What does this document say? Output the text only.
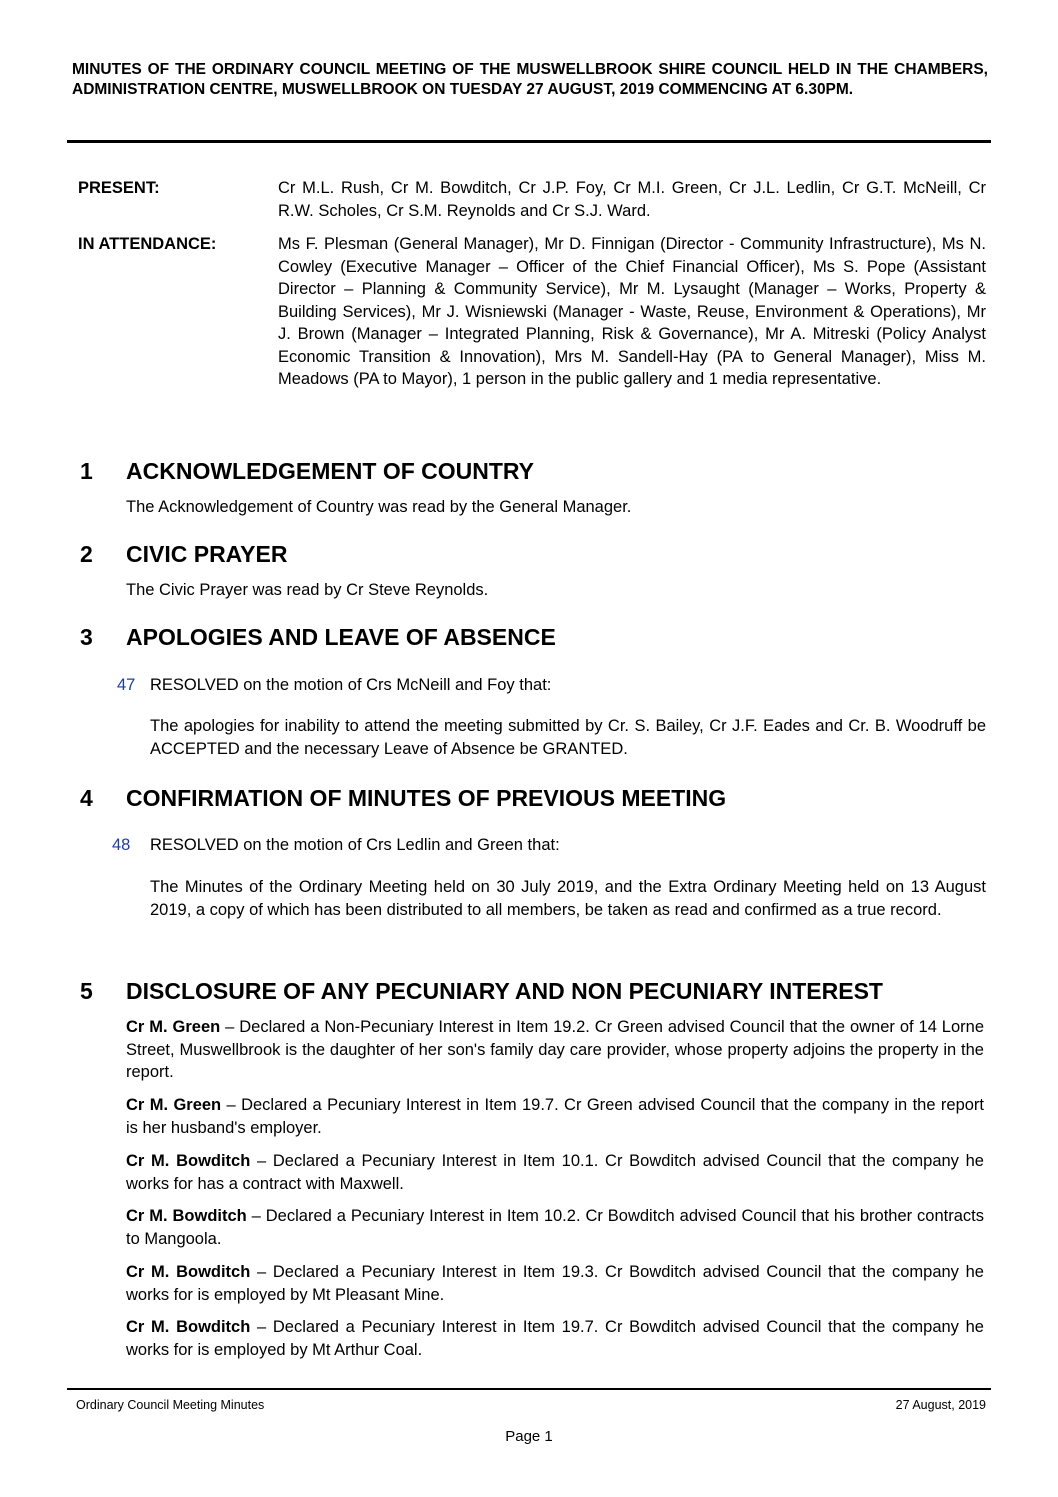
MINUTES OF THE ORDINARY COUNCIL MEETING OF THE MUSWELLBROOK SHIRE COUNCIL HELD IN THE CHAMBERS, ADMINISTRATION CENTRE, MUSWELLBROOK ON TUESDAY 27 AUGUST, 2019 COMMENCING AT 6.30PM.
PRESENT:	Cr M.L. Rush, Cr M. Bowditch, Cr J.P. Foy, Cr M.I. Green, Cr J.L. Ledlin, Cr G.T. McNeill, Cr R.W. Scholes, Cr S.M. Reynolds and Cr S.J. Ward.
IN ATTENDANCE:	Ms F. Plesman (General Manager), Mr D. Finnigan (Director - Community Infrastructure), Ms N. Cowley (Executive Manager – Officer of the Chief Financial Officer), Ms S. Pope (Assistant Director – Planning & Community Service), Mr M. Lysaught (Manager – Works, Property & Building Services), Mr J. Wisniewski (Manager - Waste, Reuse, Environment & Operations), Mr J. Brown (Manager – Integrated Planning, Risk & Governance), Mr A. Mitreski (Policy Analyst Economic Transition & Innovation), Mrs M. Sandell-Hay (PA to General Manager), Miss M. Meadows (PA to Mayor), 1 person in the public gallery and 1 media representative.
1 ACKNOWLEDGEMENT OF COUNTRY
The Acknowledgement of Country was read by the General Manager.
2 CIVIC PRAYER
The Civic Prayer was read by Cr Steve Reynolds.
3 APOLOGIES AND LEAVE OF ABSENCE
47 RESOLVED on the motion of Crs McNeill and Foy that:
The apologies for inability to attend the meeting submitted by Cr. S. Bailey, Cr J.F. Eades and Cr. B. Woodruff be ACCEPTED and the necessary Leave of Absence be GRANTED.
4 CONFIRMATION OF MINUTES OF PREVIOUS MEETING
48 RESOLVED on the motion of Crs Ledlin and Green that:
The Minutes of the Ordinary Meeting held on 30 July 2019, and the Extra Ordinary Meeting held on 13 August 2019, a copy of which has been distributed to all members, be taken as read and confirmed as a true record.
5 DISCLOSURE OF ANY PECUNIARY AND NON PECUNIARY INTEREST
Cr M. Green – Declared a Non-Pecuniary Interest in Item 19.2. Cr Green advised Council that the owner of 14 Lorne Street, Muswellbrook is the daughter of her son's family day care provider, whose property adjoins the property in the report.
Cr M. Green – Declared a Pecuniary Interest in Item 19.7. Cr Green advised Council that the company in the report is her husband's employer.
Cr M. Bowditch – Declared a Pecuniary Interest in Item 10.1. Cr Bowditch advised Council that the company he works for has a contract with Maxwell.
Cr M. Bowditch – Declared a Pecuniary Interest in Item 10.2. Cr Bowditch advised Council that his brother contracts to Mangoola.
Cr M. Bowditch – Declared a Pecuniary Interest in Item 19.3. Cr Bowditch advised Council that the company he works for is employed by Mt Pleasant Mine.
Cr M. Bowditch – Declared a Pecuniary Interest in Item 19.7. Cr Bowditch advised Council that the company he works for is employed by Mt Arthur Coal.
Ordinary Council Meeting Minutes	27 August, 2019
Page 1
